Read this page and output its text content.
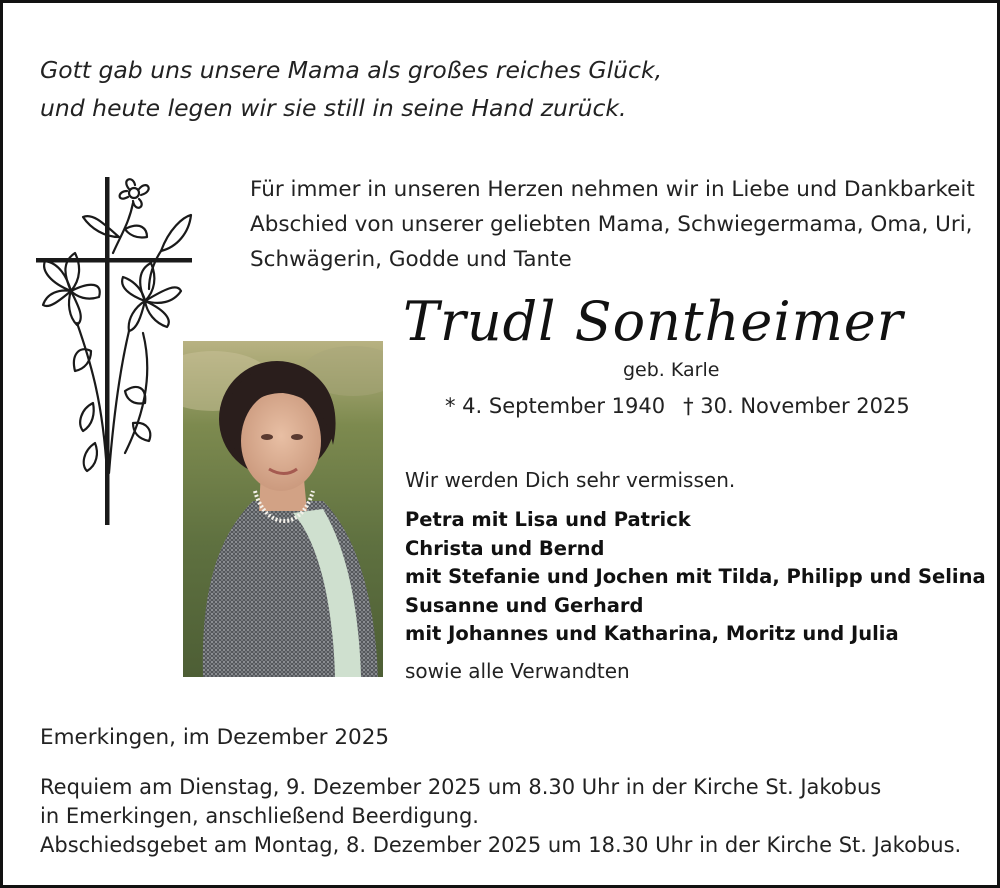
Gott gab uns unsere Mama als großes reiches Glück,
und heute legen wir sie still in seine Hand zurück.
Für immer in unseren Herzen nehmen wir in Liebe und Dankbarkeit
Abschied von unserer geliebten Mama, Schwiegermama, Oma, Uri,
Schwägerin, Godde und Tante
Trudl Sontheimer
geb. Karle
* 4. September 1940 † 30. November 2025
Wir werden Dich sehr vermissen.
Petra mit Lisa und Patrick
Christa und Bernd
mit Stefanie und Jochen mit Tilda, Philipp und Selina
Susanne und Gerhard
mit Johannes und Katharina, Moritz und Julia
sowie alle Verwandten
Emerkingen, im Dezember 2025
Requiem am Dienstag, 9. Dezember 2025 um 8.30 Uhr in der Kirche St. Jakobus
in Emerkingen, anschließend Beerdigung.
Abschiedsgebet am Montag, 8. Dezember 2025 um 18.30 Uhr in der Kirche St. Jakobus.
